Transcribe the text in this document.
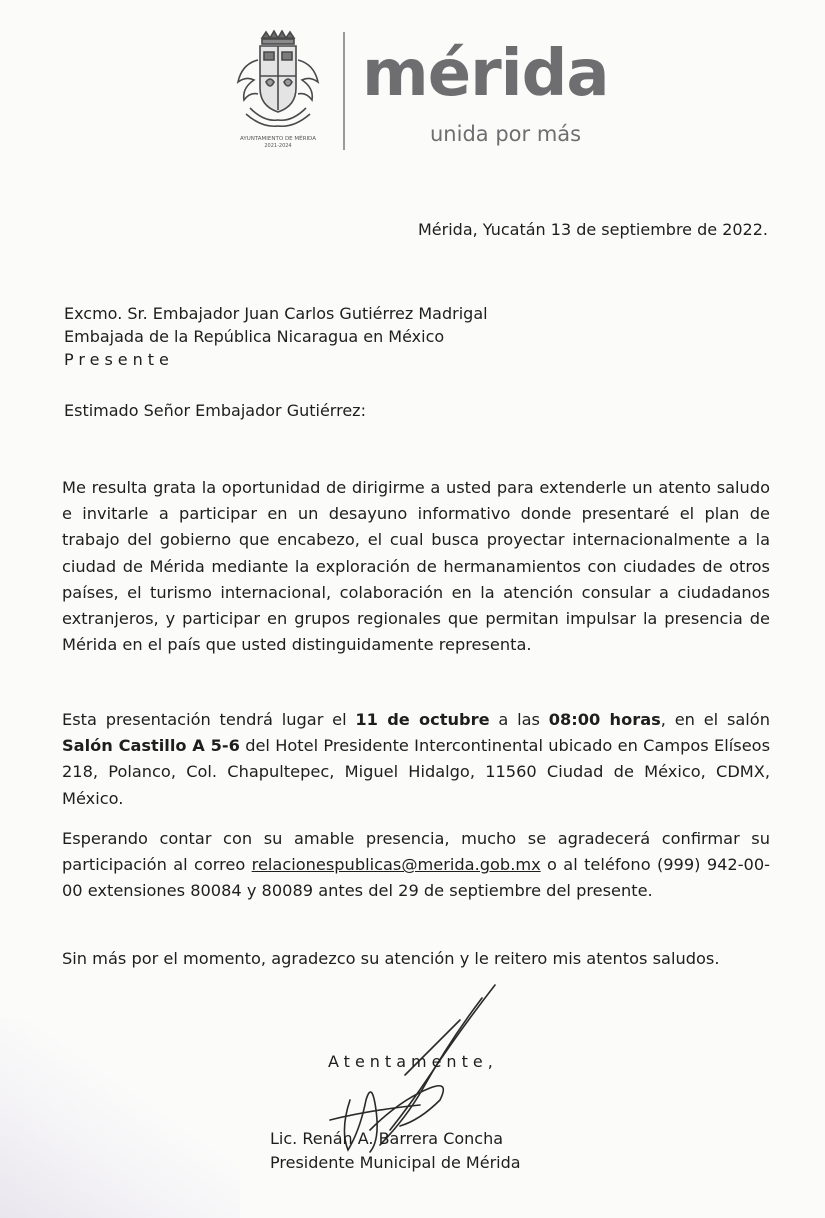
AYUNTAMIENTO DE MÉRIDA
2021-2024
mérida
unida por más
Mérida, Yucatán 13 de septiembre de 2022.
Excmo. Sr. Embajador Juan Carlos Gutiérrez Madrigal
Embajada de la República Nicaragua en México
Presente
Estimado Señor Embajador Gutiérrez:
Me resulta grata la oportunidad de dirigirme a usted para extenderle un atento saludo e invitarle a participar en un desayuno informativo donde presentaré el plan de trabajo del gobierno que encabezo, el cual busca proyectar internacionalmente a la ciudad de Mérida mediante la exploración de hermanamientos con ciudades de otros países, el turismo internacional, colaboración en la atención consular a ciudadanos extranjeros, y participar en grupos regionales que permitan impulsar la presencia de Mérida en el país que usted distinguidamente representa.
Esta presentación tendrá lugar el 11 de octubre a las 08:00 horas, en el salón Salón Castillo A 5-6 del Hotel Presidente Intercontinental ubicado en Campos Elíseos 218, Polanco, Col. Chapultepec, Miguel Hidalgo, 11560 Ciudad de México, CDMX, México.
Esperando contar con su amable presencia, mucho se agradecerá confirmar su participación al correo relacionespublicas@merida.gob.mx o al teléfono (999) 942-00-00 extensiones 80084 y 80089 antes del 29 de septiembre del presente.
Sin más por el momento, agradezco su atención y le reitero mis atentos saludos.
Atentamente,
Lic. Renán A. Barrera Concha
Presidente Municipal de Mérida
